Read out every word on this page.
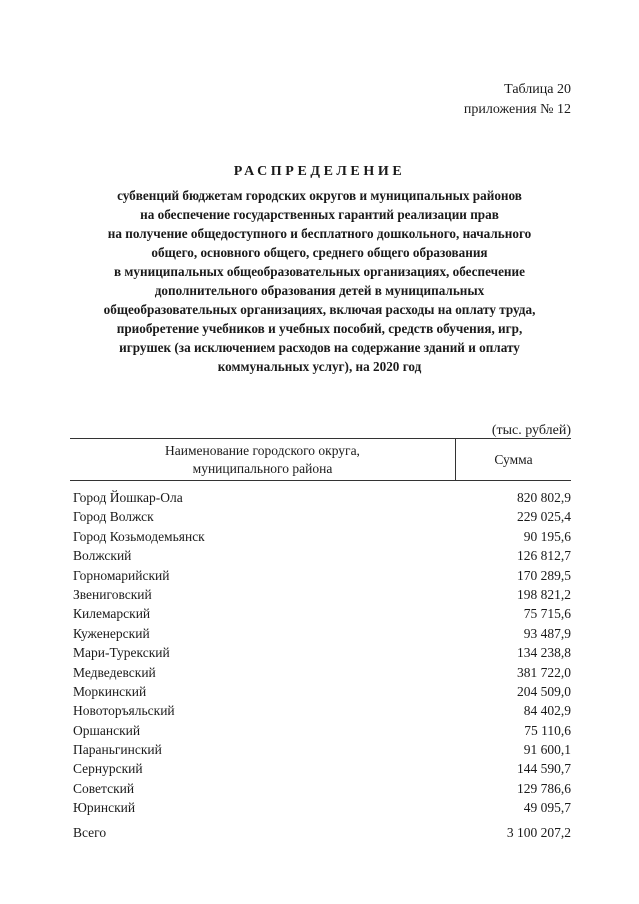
Таблица 20
приложения № 12
РАСПРЕДЕЛЕНИЕ
субвенций бюджетам городских округов и муниципальных районов
на обеспечение государственных гарантий реализации прав
на получение общедоступного и бесплатного дошкольного, начального
общего, основного общего, среднего общего образования
в муниципальных общеобразовательных организациях, обеспечение
дополнительного образования детей в муниципальных
общеобразовательных организациях, включая расходы на оплату труда,
приобретение учебников и учебных пособий, средств обучения, игр,
игрушек (за исключением расходов на содержание зданий и оплату
коммунальных услуг), на 2020 год
(тыс. рублей)
Наименование городского округа,
муниципального района
Сумма
Город Йошкар-Ола	820 802,9
Город Волжск	229 025,4
Город Козьмодемьянск	90 195,6
Волжский	126 812,7
Горномарийский	170 289,5
Звениговский	198 821,2
Килемарский	75 715,6
Куженерский	93 487,9
Мари-Турекский	134 238,8
Медведевский	381 722,0
Моркинский	204 509,0
Новоторъяльский	84 402,9
Оршанский	75 110,6
Параньгинский	91 600,1
Сернурский	144 590,7
Советский	129 786,6
Юринский	49 095,7
Всего	3 100 207,2
